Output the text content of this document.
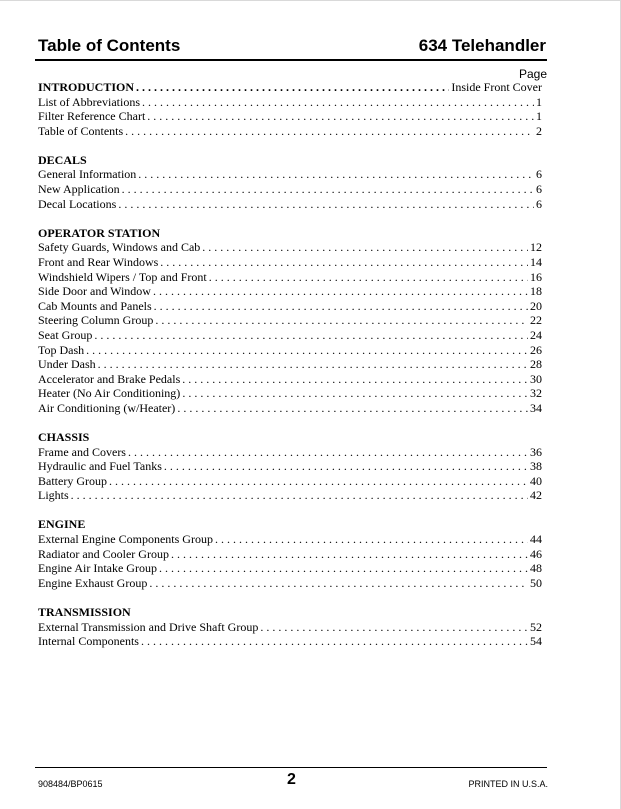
Table of Contents	634 Telehandler
Page
INTRODUCTION . . .	Inside Front Cover
List of Abbreviations . . .	1
Filter Reference Chart . . .	1
Table of Contents . . .	2
DECALS
General Information . . .	6
New Application . . .	6
Decal Locations . . .	6
OPERATOR STATION
Safety Guards, Windows and Cab . . .	12
Front and Rear Windows . . .	14
Windshield Wipers / Top and Front . . .	16
Side Door and Window . . .	18
Cab Mounts and Panels . . .	20
Steering Column Group . . .	22
Seat Group . . .	24
Top Dash . . .	26
Under Dash . . .	28
Accelerator and Brake Pedals . . .	30
Heater (No Air Conditioning) . . .	32
Air Conditioning (w/Heater) . . .	34
CHASSIS
Frame and Covers . . .	36
Hydraulic and Fuel Tanks . . .	38
Battery Group . . .	40
Lights . . .	42
ENGINE
External Engine Components Group . . .	44
Radiator and Cooler Group . . .	46
Engine Air Intake Group . . .	48
Engine Exhaust Group . . .	50
TRANSMISSION
External Transmission and Drive Shaft Group . . .	52
Internal Components . . .	54
908484/BP0615	2	PRINTED IN U.S.A.
